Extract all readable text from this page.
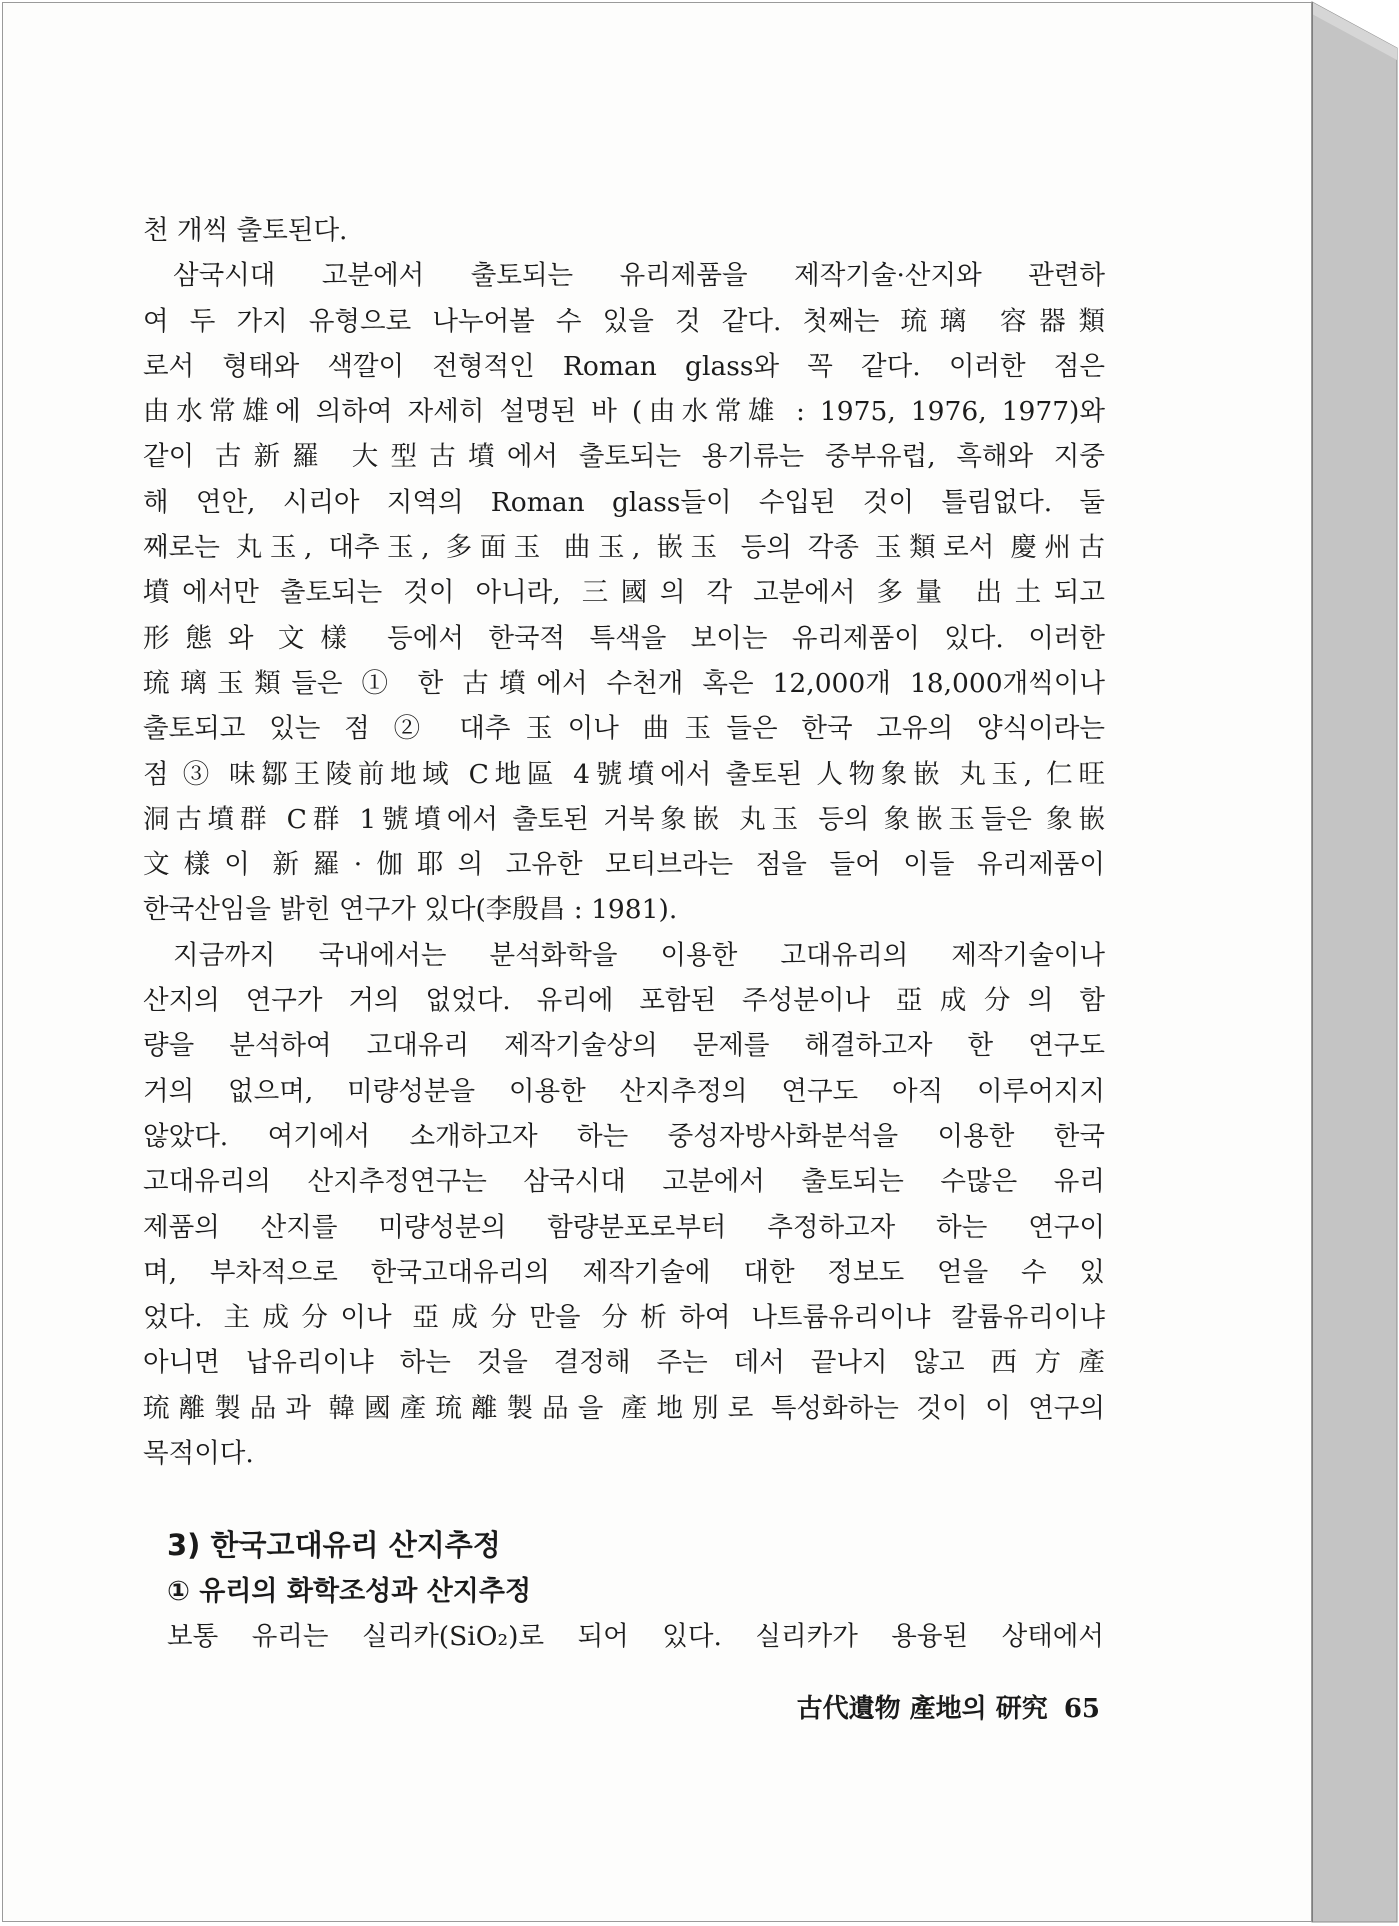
천 개씩 출토된다.
삼국시대 고분에서 출토되는 유리제품을 제작기술·산지와 관련하
여 두 가지 유형으로 나누어볼 수 있을 것 같다. 첫째는 琉璃 容器類
로서 형태와 색깔이 전형적인 Roman glass와 꼭 같다. 이러한 점은
由水常雄에 의하여 자세히 설명된 바 (由水常雄 : 1975, 1976, 1977)와
같이 古新羅 大型古墳에서 출토되는 용기류는 중부유럽, 흑해와 지중
해 연안, 시리아 지역의 Roman glass들이 수입된 것이 틀림없다. 둘
째로는 丸玉, 대추玉, 多面玉 曲玉, 嵌玉 등의 각종 玉類로서 慶州古
墳에서만 출토되는 것이 아니라, 三國의 각 고분에서 多量 出土되고
形態와 文樣 등에서 한국적 특색을 보이는 유리제품이 있다. 이러한
琉璃玉類들은 ① 한 古墳에서 수천개 혹은 12,000개 18,000개씩이나
출토되고 있는 점 ② 대추玉이나 曲玉들은 한국 고유의 양식이라는
점 ③ 味鄒王陵前地域 C地區 4號墳에서 출토된 人物象嵌 丸玉, 仁旺
洞古墳群 C群 1號墳에서 출토된 거북象嵌 丸玉 등의 象嵌玉들은 象嵌
文樣이 新羅·伽耶의 고유한 모티브라는 점을 들어 이들 유리제품이
한국산임을 밝힌 연구가 있다(李殷昌 : 1981).
지금까지 국내에서는 분석화학을 이용한 고대유리의 제작기술이나
산지의 연구가 거의 없었다. 유리에 포함된 주성분이나 亞成分의 함
량을 분석하여 고대유리 제작기술상의 문제를 해결하고자 한 연구도
거의 없으며, 미량성분을 이용한 산지추정의 연구도 아직 이루어지지
않았다. 여기에서 소개하고자 하는 중성자방사화분석을 이용한 한국
고대유리의 산지추정연구는 삼국시대 고분에서 출토되는 수많은 유리
제품의 산지를 미량성분의 함량분포로부터 추정하고자 하는 연구이
며, 부차적으로 한국고대유리의 제작기술에 대한 정보도 얻을 수 있
었다. 主成分이나 亞成分만을 分析하여 나트륨유리이냐 칼륨유리이냐
아니면 납유리이냐 하는 것을 결정해 주는 데서 끝나지 않고 西方產
琉離製品과 韓國產琉離製品을 產地別로 특성화하는 것이 이 연구의
목적이다.
3) 한국고대유리 산지추정
① 유리의 화학조성과 산지추정
보통 유리는 실리카(SiO₂)로 되어 있다. 실리카가 용융된 상태에서
古代遺物 產地의 研究 65
